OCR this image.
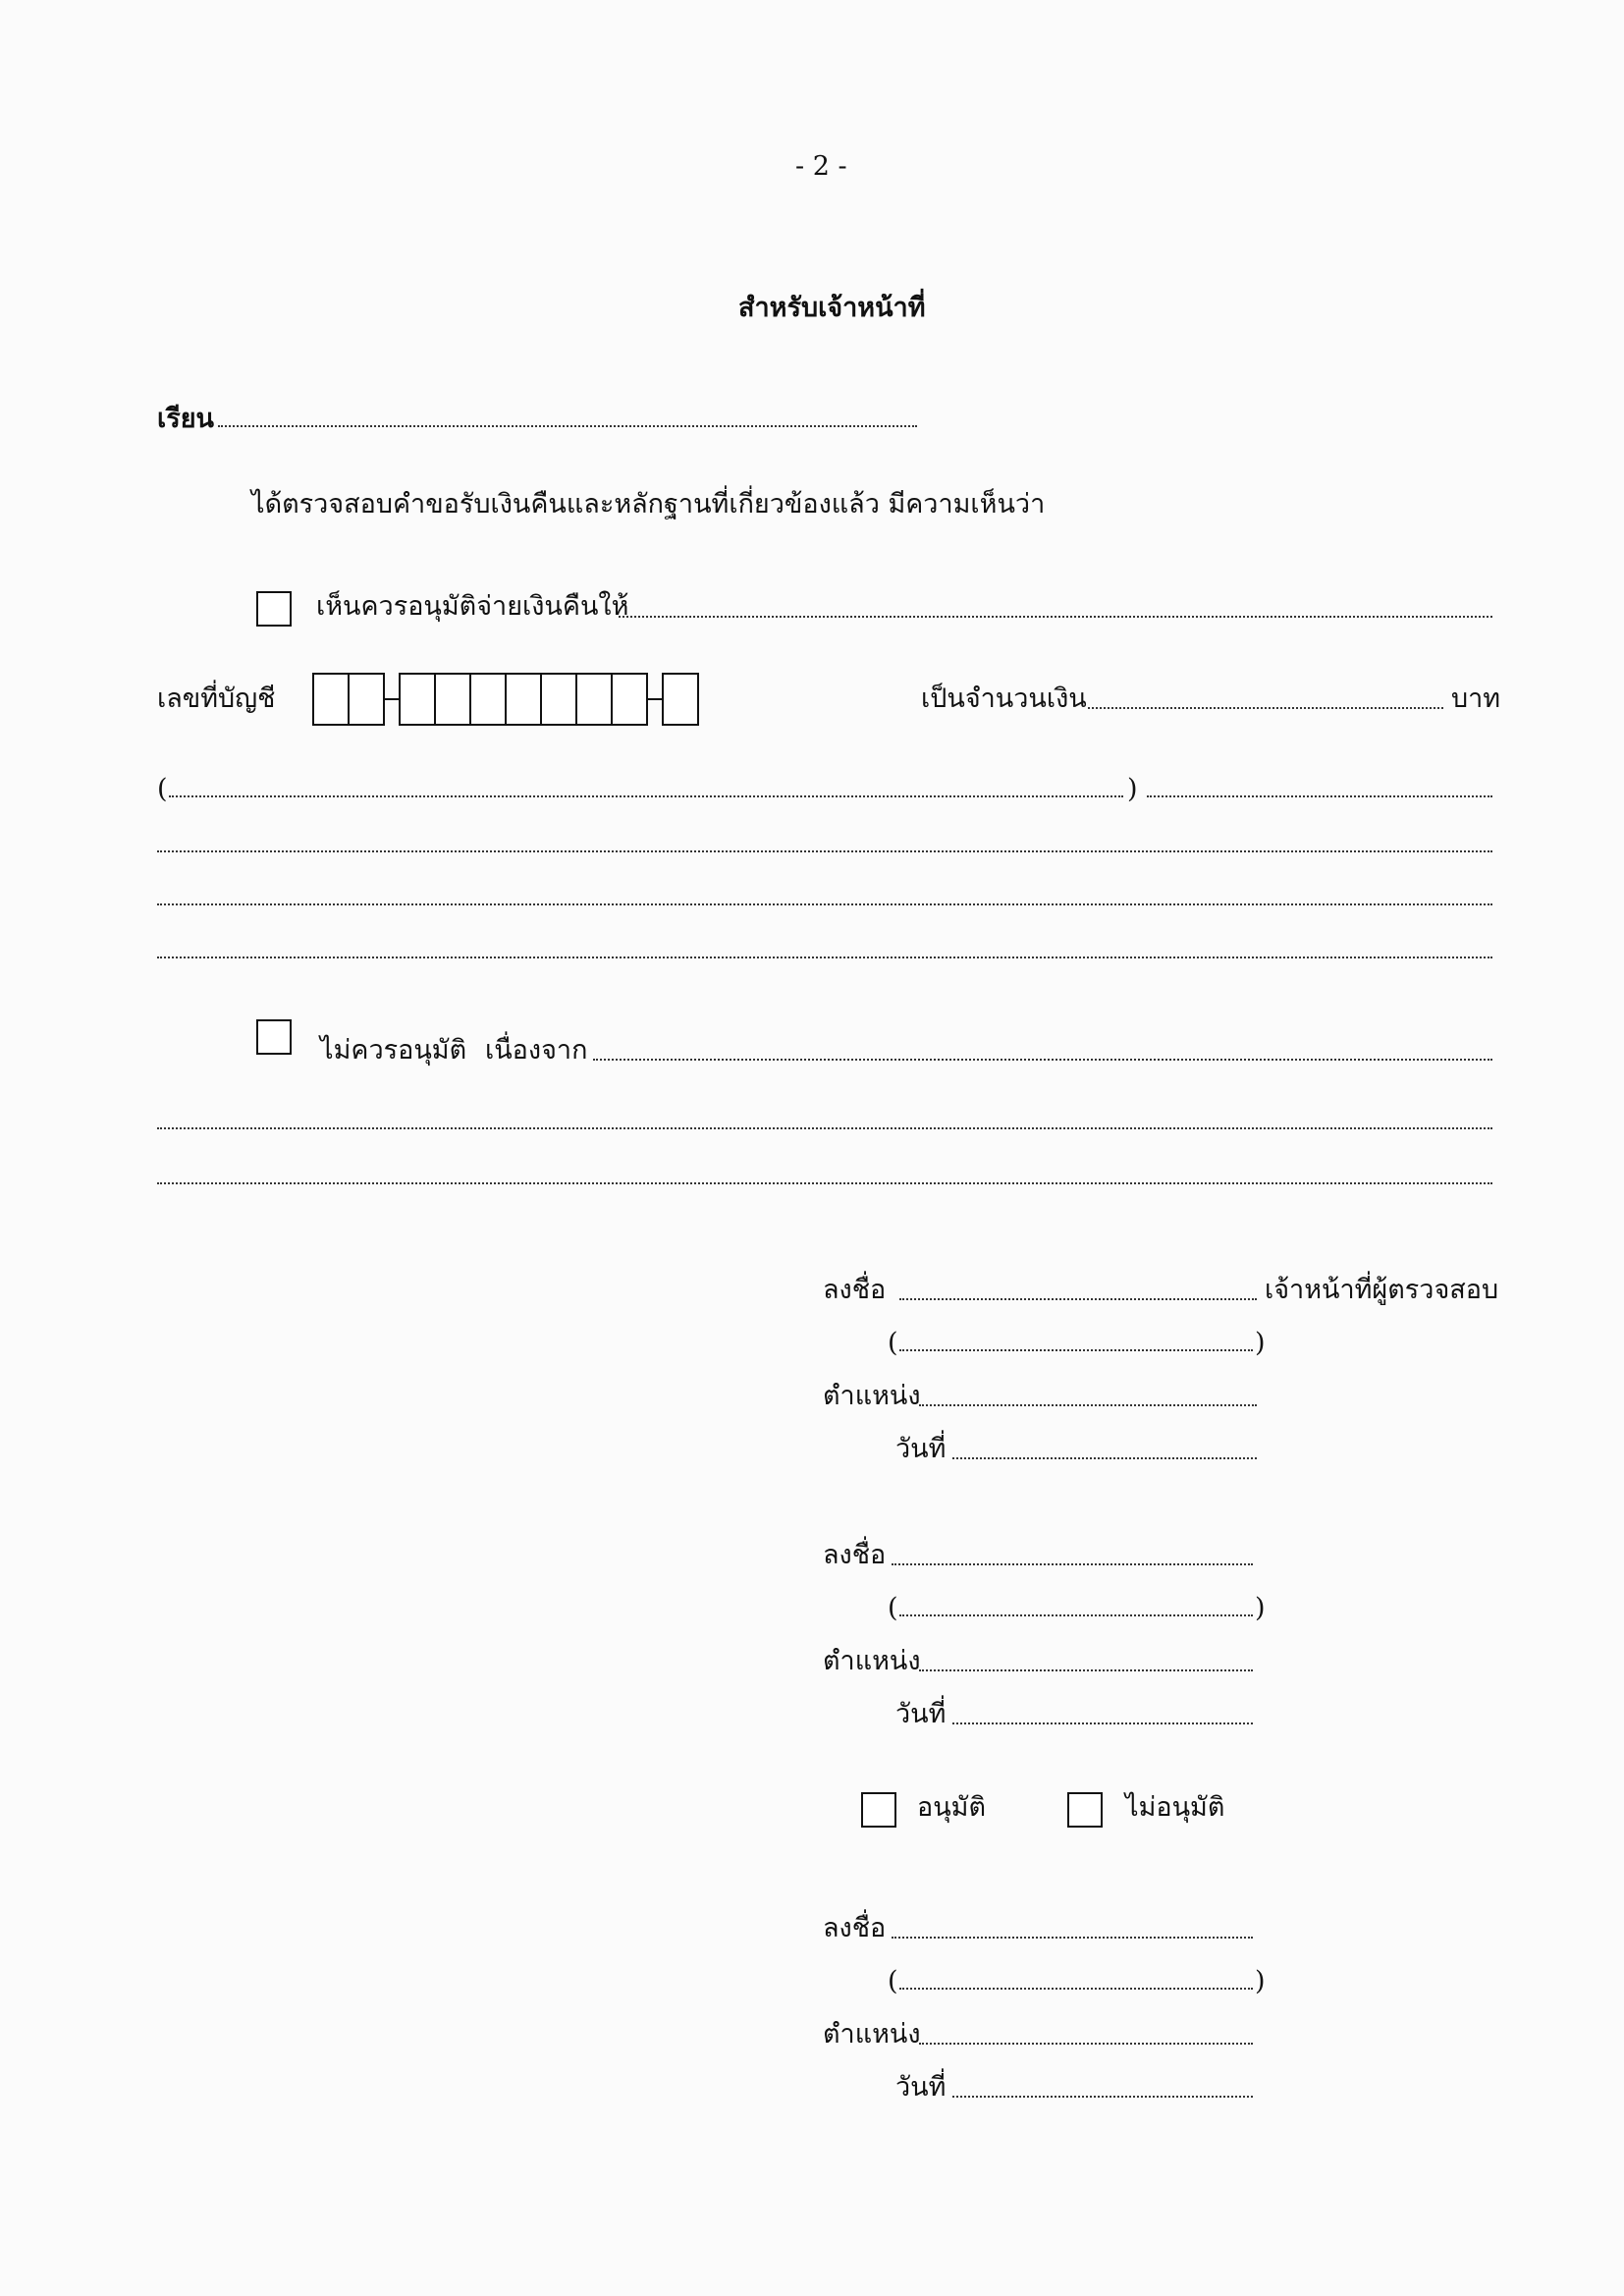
- 2 -
สำหรับเจ้าหน้าที่
เรียน
ได้ตรวจสอบคำขอรับเงินคืนและหลักฐานที่เกี่ยวข้องแล้ว มีความเห็นว่า
เห็นควรอนุมัติจ่ายเงินคืนให้
เลขที่บัญชี	เป็นจำนวนเงิน	บาท
(	)
ไม่ควรอนุมัติ เนื่องจาก
ลงชื่อ	เจ้าหน้าที่ผู้ตรวจสอบ
(	)
ตำแหน่ง
วันที่
ลงชื่อ
(	)
ตำแหน่ง
วันที่
อนุมัติ	ไม่อนุมัติ
ลงชื่อ
(	)
ตำแหน่ง
วันที่
